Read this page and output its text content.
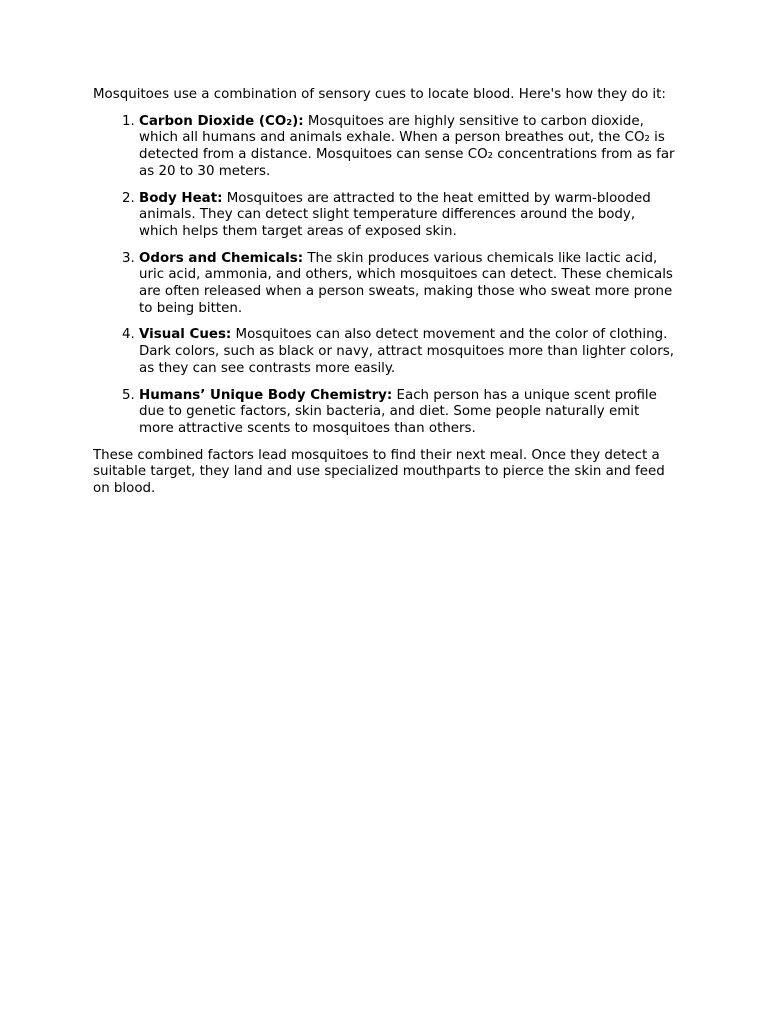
Mosquitoes use a combination of sensory cues to locate blood. Here's how they do it:

1. Carbon Dioxide (CO₂): Mosquitoes are highly sensitive to carbon dioxide, which all humans and animals exhale. When a person breathes out, the CO₂ is detected from a distance. Mosquitoes can sense CO₂ concentrations from as far as 20 to 30 meters.
2. Body Heat: Mosquitoes are attracted to the heat emitted by warm-blooded animals. They can detect slight temperature differences around the body, which helps them target areas of exposed skin.
3. Odors and Chemicals: The skin produces various chemicals like lactic acid, uric acid, ammonia, and others, which mosquitoes can detect. These chemicals are often released when a person sweats, making those who sweat more prone to being bitten.
4. Visual Cues: Mosquitoes can also detect movement and the color of clothing. Dark colors, such as black or navy, attract mosquitoes more than lighter colors, as they can see contrasts more easily.
5. Humans’ Unique Body Chemistry: Each person has a unique scent profile due to genetic factors, skin bacteria, and diet. Some people naturally emit more attractive scents to mosquitoes than others.

These combined factors lead mosquitoes to find their next meal. Once they detect a suitable target, they land and use specialized mouthparts to pierce the skin and feed on blood.
